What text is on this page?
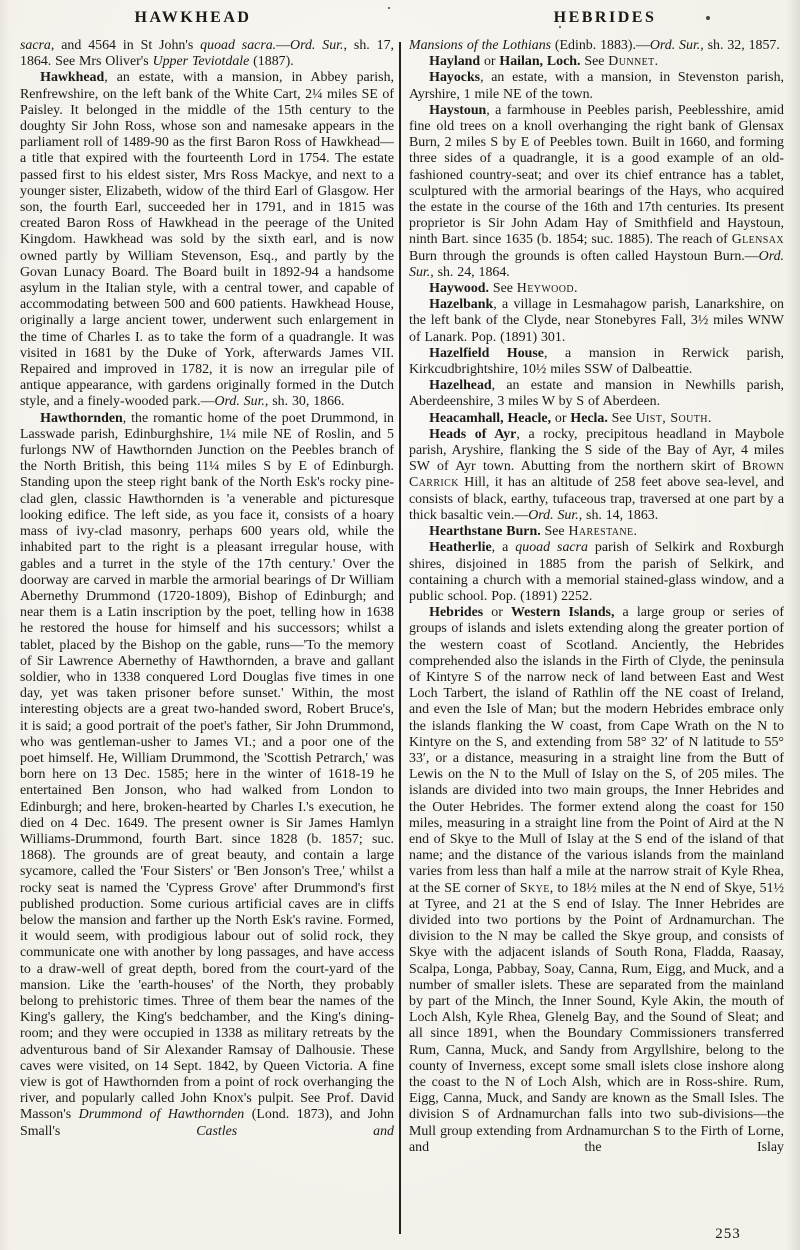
HAWKHEAD	HEBRIDES

sacra, and 4564 in St John's quoad sacra.—Ord. Sur., sh. 17, 1864. See Mrs Oliver's Upper Teviotdale (1887).

Hawkhead, an estate, with a mansion, in Abbey parish, Renfrewshire, on the left bank of the White Cart, 2¼ miles SE of Paisley. It belonged in the middle of the 15th century to the doughty Sir John Ross, whose son and namesake appears in the parliament roll of 1489-90 as the first Baron Ross of Hawkhead—a title that expired with the fourteenth Lord in 1754. The estate passed first to his eldest sister, Mrs Ross Mackye, and next to a younger sister, Elizabeth, widow of the third Earl of Glasgow. Her son, the fourth Earl, succeeded her in 1791, and in 1815 was created Baron Ross of Hawkhead in the peerage of the United Kingdom. Hawkhead was sold by the sixth earl, and is now owned partly by William Stevenson, Esq., and partly by the Govan Lunacy Board. The Board built in 1892-94 a handsome asylum in the Italian style, with a central tower, and capable of accommodating between 500 and 600 patients. Hawkhead House, originally a large ancient tower, underwent such enlargement in the time of Charles I. as to take the form of a quadrangle. It was visited in 1681 by the Duke of York, afterwards James VII. Repaired and improved in 1782, it is now an irregular pile of antique appearance, with gardens originally formed in the Dutch style, and a finely-wooded park.—Ord. Sur., sh. 30, 1866.

Hawthornden, the romantic home of the poet Drummond, in Lasswade parish, Edinburghshire, 1¼ mile NE of Roslin, and 5 furlongs NW of Hawthornden Junction on the Peebles branch of the North British, this being 11¼ miles S by E of Edinburgh. Standing upon the steep right bank of the North Esk's rocky pine-clad glen, classic Hawthornden is 'a venerable and picturesque looking edifice. The left side, as you face it, consists of a hoary mass of ivy-clad masonry, perhaps 600 years old, while the inhabited part to the right is a pleasant irregular house, with gables and a turret in the style of the 17th century.' Over the doorway are carved in marble the armorial bearings of Dr William Abernethy Drummond (1720-1809), Bishop of Edinburgh; and near them is a Latin inscription by the poet, telling how in 1638 he restored the house for himself and his successors; whilst a tablet, placed by the Bishop on the gable, runs—'To the memory of Sir Lawrence Abernethy of Hawthornden, a brave and gallant soldier, who in 1338 conquered Lord Douglas five times in one day, yet was taken prisoner before sunset.' Within, the most interesting objects are a great two-handed sword, Robert Bruce's, it is said; a good portrait of the poet's father, Sir John Drummond, who was gentleman-usher to James VI.; and a poor one of the poet himself. He, William Drummond, the 'Scottish Petrarch,' was born here on 13 Dec. 1585; here in the winter of 1618-19 he entertained Ben Jonson, who had walked from London to Edinburgh; and here, broken-hearted by Charles I.'s execution, he died on 4 Dec. 1649. The present owner is Sir James Hamlyn Williams-Drummond, fourth Bart. since 1828 (b. 1857; suc. 1868). The grounds are of great beauty, and contain a large sycamore, called the 'Four Sisters' or 'Ben Jonson's Tree,' whilst a rocky seat is named the 'Cypress Grove' after Drummond's first published production. Some curious artificial caves are in cliffs below the mansion and farther up the North Esk's ravine. Formed, it would seem, with prodigious labour out of solid rock, they communicate one with another by long passages, and have access to a draw-well of great depth, bored from the court-yard of the mansion. Like the 'earth-houses' of the North, they probably belong to prehistoric times. Three of them bear the names of the King's gallery, the King's bedchamber, and the King's dining-room; and they were occupied in 1338 as military retreats by the adventurous band of Sir Alexander Ramsay of Dalhousie. These caves were visited, on 14 Sept. 1842, by Queen Victoria. A fine view is got of Hawthornden from a point of rock overhanging the river, and popularly called John Knox's pulpit. See Prof. David Masson's Drummond of Hawthornden (Lond. 1873), and John Small's Castles and

Mansions of the Lothians (Edinb. 1883).—Ord. Sur., sh. 32, 1857.

Hayland or Hailan, Loch. See Dunnet.

Hayocks, an estate, with a mansion, in Stevenston parish, Ayrshire, 1 mile NE of the town.

Haystoun, a farmhouse in Peebles parish, Peeblesshire, amid fine old trees on a knoll overhanging the right bank of Glensax Burn, 2 miles S by E of Peebles town. Built in 1660, and forming three sides of a quadrangle, it is a good example of an old-fashioned country-seat; and over its chief entrance has a tablet, sculptured with the armorial bearings of the Hays, who acquired the estate in the course of the 16th and 17th centuries. Its present proprietor is Sir John Adam Hay of Smithfield and Haystoun, ninth Bart. since 1635 (b. 1854; suc. 1885). The reach of Glensax Burn through the grounds is often called Haystoun Burn.—Ord. Sur., sh. 24, 1864.

Haywood. See Heywood.

Hazelbank, a village in Lesmahagow parish, Lanarkshire, on the left bank of the Clyde, near Stonebyres Fall, 3½ miles WNW of Lanark. Pop. (1891) 301.

Hazelfield House, a mansion in Rerwick parish, Kirkcudbrightshire, 10½ miles SSW of Dalbeattie.

Hazelhead, an estate and mansion in Newhills parish, Aberdeenshire, 3 miles W by S of Aberdeen.

Heacamhall, Heacle, or Hecla. See Uist, South.

Heads of Ayr, a rocky, precipitous headland in Maybole parish, Aryshire, flanking the S side of the Bay of Ayr, 4 miles SW of Ayr town. Abutting from the northern skirt of Brown Carrick Hill, it has an altitude of 258 feet above sea-level, and consists of black, earthy, tufaceous trap, traversed at one part by a thick basaltic vein.—Ord. Sur., sh. 14, 1863.

Hearthstane Burn. See Harestane.

Heatherlie, a quoad sacra parish of Selkirk and Roxburgh shires, disjoined in 1885 from the parish of Selkirk, and containing a church with a memorial stained-glass window, and a public school. Pop. (1891) 2252.

Hebrides or Western Islands, a large group or series of groups of islands and islets extending along the greater portion of the western coast of Scotland. Anciently, the Hebrides comprehended also the islands in the Firth of Clyde, the peninsula of Kintyre S of the narrow neck of land between East and West Loch Tarbert, the island of Rathlin off the NE coast of Ireland, and even the Isle of Man; but the modern Hebrides embrace only the islands flanking the W coast, from Cape Wrath on the N to Kintyre on the S, and extending from 58° 32′ of N latitude to 55° 33′, or a distance, measuring in a straight line from the Butt of Lewis on the N to the Mull of Islay on the S, of 205 miles. The islands are divided into two main groups, the Inner Hebrides and the Outer Hebrides. The former extend along the coast for 150 miles, measuring in a straight line from the Point of Aird at the N end of Skye to the Mull of Islay at the S end of the island of that name; and the distance of the various islands from the mainland varies from less than half a mile at the narrow strait of Kyle Rhea, at the SE corner of Skye, to 18½ miles at the N end of Skye, 51½ at Tyree, and 21 at the S end of Islay. The Inner Hebrides are divided into two portions by the Point of Ardnamurchan. The division to the N may be called the Skye group, and consists of Skye with the adjacent islands of South Rona, Fladda, Raasay, Scalpa, Longa, Pabbay, Soay, Canna, Rum, Eigg, and Muck, and a number of smaller islets. These are separated from the mainland by part of the Minch, the Inner Sound, Kyle Akin, the mouth of Loch Alsh, Kyle Rhea, Glenelg Bay, and the Sound of Sleat; and all since 1891, when the Boundary Commissioners transferred Rum, Canna, Muck, and Sandy from Argyllshire, belong to the county of Inverness, except some small islets close inshore along the coast to the N of Loch Alsh, which are in Ross-shire. Rum, Eigg, Canna, Muck, and Sandy are known as the Small Isles. The division S of Ardnamurchan falls into two sub-divisions—the Mull group extending from Ardnamurchan S to the Firth of Lorne, and the Islay

253
